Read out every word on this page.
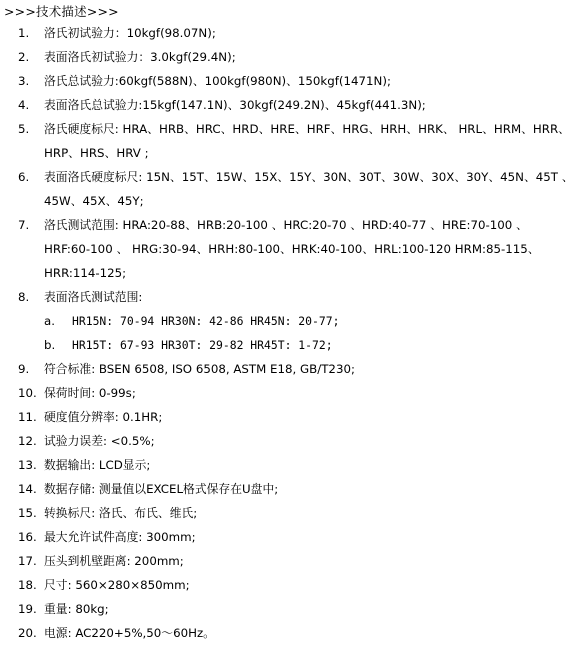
>>>技术描述>>>
1.	洛氏初试验力：10kgf(98.07N);
2.	表面洛氏初试验力：3.0kgf(29.4N);
3.	洛氏总试验力:60kgf(588N)、100kgf(980N)、150kgf(1471N);
4.	表面洛氏总试验力:15kgf(147.1N)、30kgf(249.2N)、45kgf(441.3N);
5.	洛氏硬度标尺: HRA、HRB、HRC、HRD、HRE、HRF、HRG、HRH、HRK、 HRL、HRM、HRR、
HRP、HRS、HRV ;
6.	表面洛氏硬度标尺: 15N、15T、15W、15X、15Y、30N、30T、30W、30X、30Y、45N、45T 、
45W、45X、45Y;
7.	洛氏测试范围: HRA:20-88、HRB:20-100 、HRC:20-70 、HRD:40-77 、HRE:70-100 、
HRF:60-100 、 HRG:30-94、HRH:80-100、HRK:40-100、HRL:100-120 HRM:85-115、
HRR:114-125;
8.	表面洛氏测试范围:
a.	HR15N: 70-94 HR30N: 42-86 HR45N: 20-77;
b.	HR15T: 67-93 HR30T: 29-82 HR45T: 1-72;
9.	符合标准: BSEN 6508, ISO 6508, ASTM E18, GB/T230;
10. 保荷时间: 0-99s;
11. 硬度值分辨率: 0.1HR;
12. 试验力误差: <0.5%;
13. 数据输出: LCD显示;
14. 数据存储: 测量值以EXCEL格式保存在U盘中;
15. 转换标尺: 洛氏、布氏、维氏;
16. 最大允许试件高度: 300mm;
17. 压头到机壁距离: 200mm;
18. 尺寸: 560×280×850mm;
19. 重量: 80kg;
20. 电源: AC220+5%,50～60Hz。
